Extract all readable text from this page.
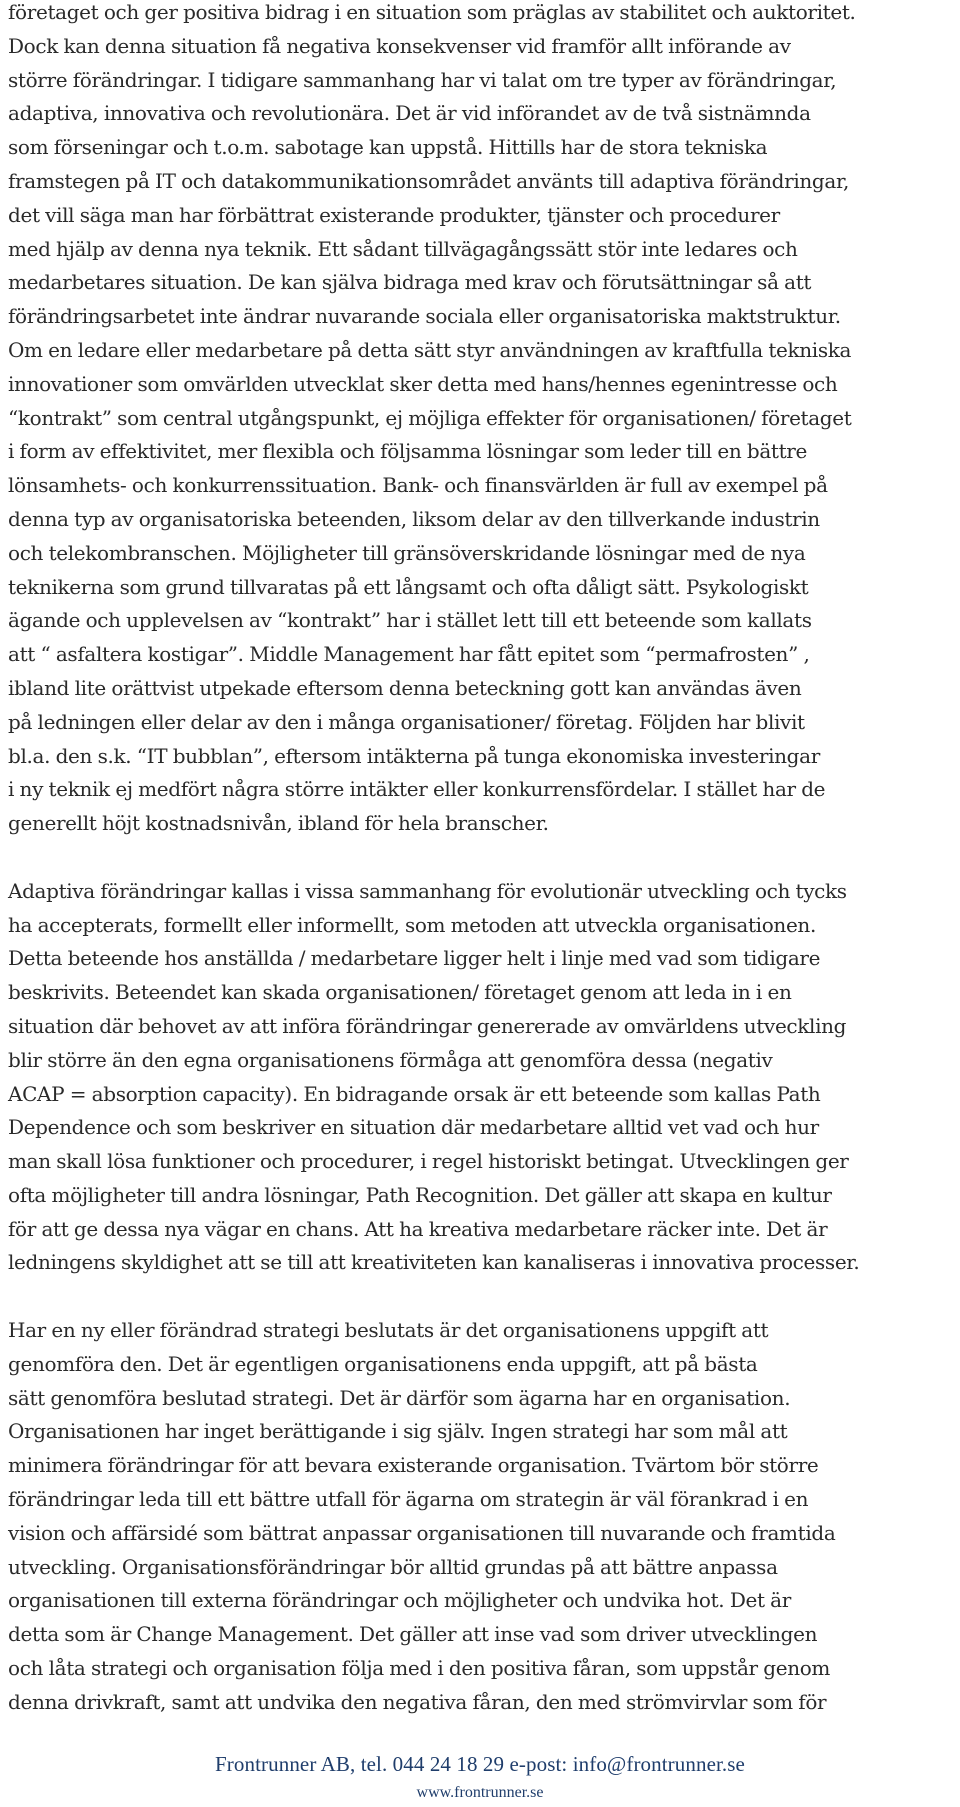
företaget och ger positiva bidrag i en situation som präglas av stabilitet och auktoritet.
Dock kan denna situation få negativa konsekvenser vid framför allt införande av
större förändringar. I tidigare sammanhang har vi talat om tre typer av förändringar,
adaptiva, innovativa och revolutionära. Det är vid införandet av de två sistnämnda
som förseningar och t.o.m. sabotage kan uppstå. Hittills har de stora tekniska
framstegen på IT och datakommunikationsområdet använts till adaptiva förändringar,
det vill säga man har förbättrat existerande produkter, tjänster och procedurer
med hjälp av denna nya teknik. Ett sådant tillvägagångssätt stör inte ledares och
medarbetares situation. De kan själva bidraga med krav och förutsättningar så att
förändringsarbetet inte ändrar nuvarande sociala eller organisatoriska maktstruktur.
Om en ledare eller medarbetare på detta sätt styr användningen av kraftfulla tekniska
innovationer som omvärlden utvecklat sker detta med hans/hennes egenintresse och
“kontrakt” som central utgångspunkt, ej möjliga effekter för organisationen/ företaget
i form av effektivitet, mer flexibla och följsamma lösningar som leder till en bättre
lönsamhets- och konkurrenssituation. Bank- och finansvärlden är full av exempel på
denna typ av organisatoriska beteenden, liksom delar av den tillverkande industrin
och telekombranschen. Möjligheter till gränsöverskridande lösningar med de nya
teknikerna som grund tillvaratas på ett långsamt och ofta dåligt sätt. Psykologiskt
ägande och upplevelsen av “kontrakt” har i stället lett till ett beteende som kallats
att “ asfaltera kostigar”. Middle Management har fått epitet som “permafrosten” ,
ibland lite orättvist utpekade eftersom denna beteckning gott kan användas även
på ledningen eller delar av den i många organisationer/ företag. Följden har blivit
bl.a. den s.k. “IT bubblan”, eftersom intäkterna på tunga ekonomiska investeringar
i ny teknik ej medfört några större intäkter eller konkurrensfördelar. I stället har de
generellt höjt kostnadsnivån, ibland för hela branscher.

Adaptiva förändringar kallas i vissa sammanhang för evolutionär utveckling och tycks
ha accepterats, formellt eller informellt, som metoden att utveckla organisationen.
Detta beteende hos anställda / medarbetare ligger helt i linje med vad som tidigare
beskrivits. Beteendet kan skada organisationen/ företaget genom att leda in i en
situation där behovet av att införa förändringar genererade av omvärldens utveckling
blir större än den egna organisationens förmåga att genomföra dessa (negativ
ACAP = absorption capacity). En bidragande orsak är ett beteende som kallas Path
Dependence och som beskriver en situation där medarbetare alltid vet vad och hur
man skall lösa funktioner och procedurer, i regel historiskt betingat. Utvecklingen ger
ofta möjligheter till andra lösningar, Path Recognition. Det gäller att skapa en kultur
för att ge dessa nya vägar en chans. Att ha kreativa medarbetare räcker inte. Det är
ledningens skyldighet att se till att kreativiteten kan kanaliseras i innovativa processer.

Har en ny eller förändrad strategi beslutats är det organisationens uppgift att
genomföra den. Det är egentligen organisationens enda uppgift, att på bästa
sätt genomföra beslutad strategi. Det är därför som ägarna har en organisation.
Organisationen har inget berättigande i sig själv. Ingen strategi har som mål att
minimera förändringar för att bevara existerande organisation. Tvärtom bör större
förändringar leda till ett bättre utfall för ägarna om strategin är väl förankrad i en
vision och affärsidé som bättrat anpassar organisationen till nuvarande och framtida
utveckling. Organisationsförändringar bör alltid grundas på att bättre anpassa
organisationen till externa förändringar och möjligheter och undvika hot. Det är
detta som är Change Management. Det gäller att inse vad som driver utvecklingen
och låta strategi och organisation följa med i den positiva fåran, som uppstår genom
denna drivkraft, samt att undvika den negativa fåran, den med strömvirvlar som för

Frontrunner AB, tel. 044 24 18 29 e-post: info@frontrunner.se
www.frontrunner.se
